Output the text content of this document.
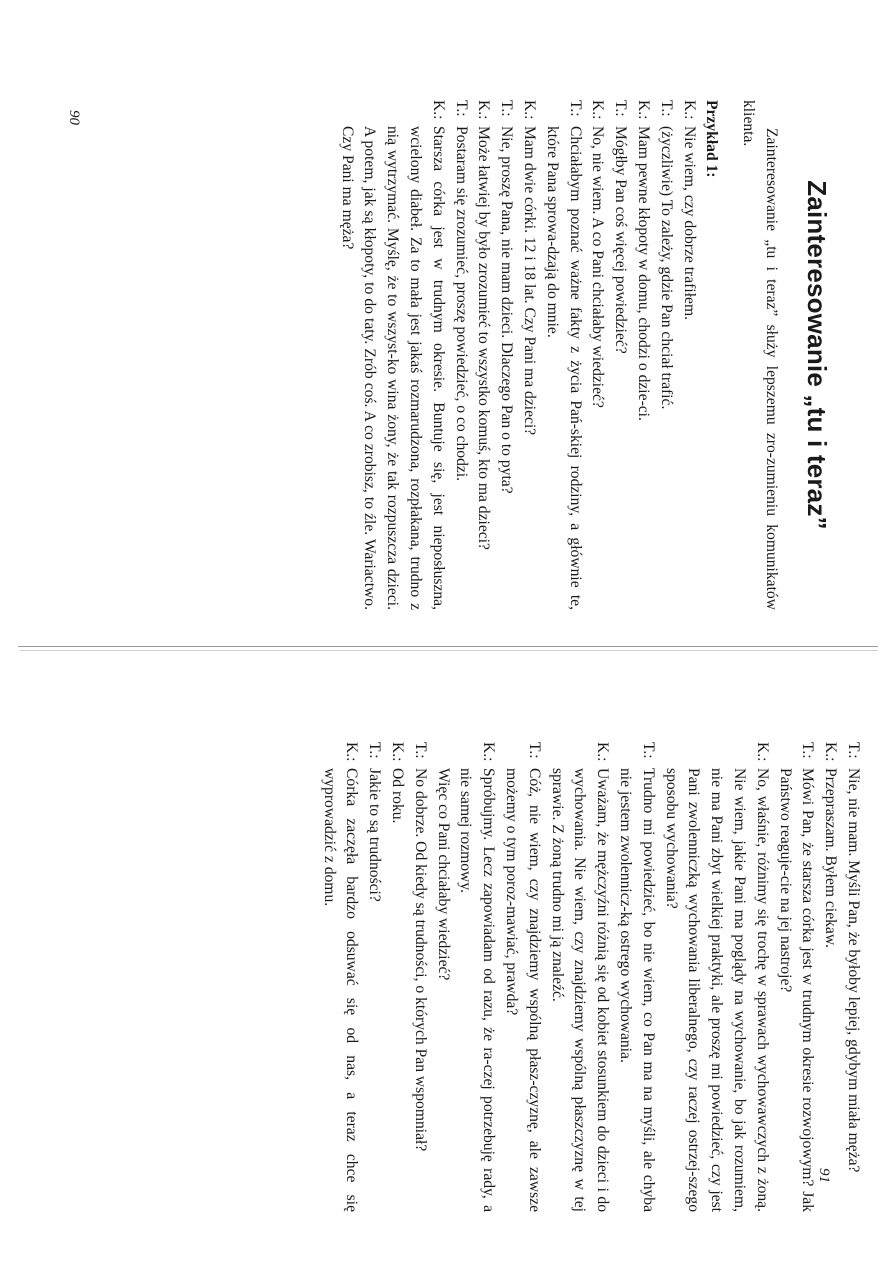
Zainteresowanie „tu i teraz”

Zainteresowanie „tu i teraz” służy lepszemu zro-zumieniu komunikatów klienta.

Przykład 1:
K.:
Nie wiem, czy dobrze trafiłem.
T.:
(życzliwie) To zależy, gdzie Pan chciał trafić.
K.:
Mam pewne kłopoty w domu, chodzi o dzie-ci.
T.:
Mógłby Pan coś więcej powiedzieć?
K.:
No, nie wiem. A co Pani chciałaby wiedzieć?
T.:
Chciałabym poznać ważne fakty z życia Pań-skiej rodziny, a głównie te, które Pana sprowa-dzają do mnie.
K.:
Mam dwie córki. 12 i 18 lat. Czy Pani ma dzieci?
T.:
Nie, proszę Pana, nie mam dzieci. Dlaczego Pan o to pyta?
K.:
Może łatwiej by było zrozumieć to wszystko komuś, kto ma dzieci?
T.:
Postaram się zrozumieć, proszę powiedzieć, o co chodzi.
K.:
Starsza córka jest w trudnym okresie. Buntuje się, jest nieposłuszna, wcielony diabeł. Za to mała jest jakaś rozmarudzona, rozpłakana, trudno z nią wytrzymać. Myślę, że to wszyst-ko wina żony, że tak rozpuszcza dzieci. A potem, jak są kłopoty, to do taty. Zrób coś. A co zrobisz, to źle. Wariactwo. Czy Pani ma męża?
90
T.:
Nie, nie mam. Myśli Pan, że byłoby lepiej, gdybym miała męża?
K.:
Przepraszam. Byłem ciekaw.
T.:
Mówi Pan, że starsza córka jest w trudnym okresie rozwojowym? Jak Państwo reaguje-cie na jej nastroje?
K.:
No, właśnie, różnimy się trochę w sprawach wychowawczych z żoną. Nie wiem, jakie Pani ma poglądy na wychowanie, bo jak rozumiem, nie ma Pani zbyt wielkiej praktyki, ale proszę mi powiedzieć, czy jest Pani zwolenniczką wychowania liberalnego, czy raczej ostrzej-szego sposobu wychowania?
T.:
Trudno mi powiedzieć, bo nie wiem, co Pan ma na myśli, ale chyba nie jestem zwolennicz-ką ostrego wychowania.
K.:
Uważam, że mężczyźni różnią się od kobiet stosunkiem do dzieci i do wychowania. Nie wiem, czy znajdziemy wspólną płaszczyznę w tej sprawie. Z żoną trudno mi ją znaleźć.
T.:
Cóż, nie wiem, czy znajdziemy wspólną płasz-czyznę, ale zawsze możemy o tym poroz-mawiać, prawda?
K.:
Spróbujmy. Lecz zapowiadam od razu, że ra-czej potrzebuję rady, a nie samej rozmowy.
Więc co Pani chciałaby wiedzieć?
T.:
No dobrze. Od kiedy są trudności, o których Pan wspomniał?
K.:
Od roku.
T.:
Jakie to są trudności?
K.:
Córka zaczęła bardzo odsuwać się od nas, a teraz chce się wyprowadzić z domu.
91
